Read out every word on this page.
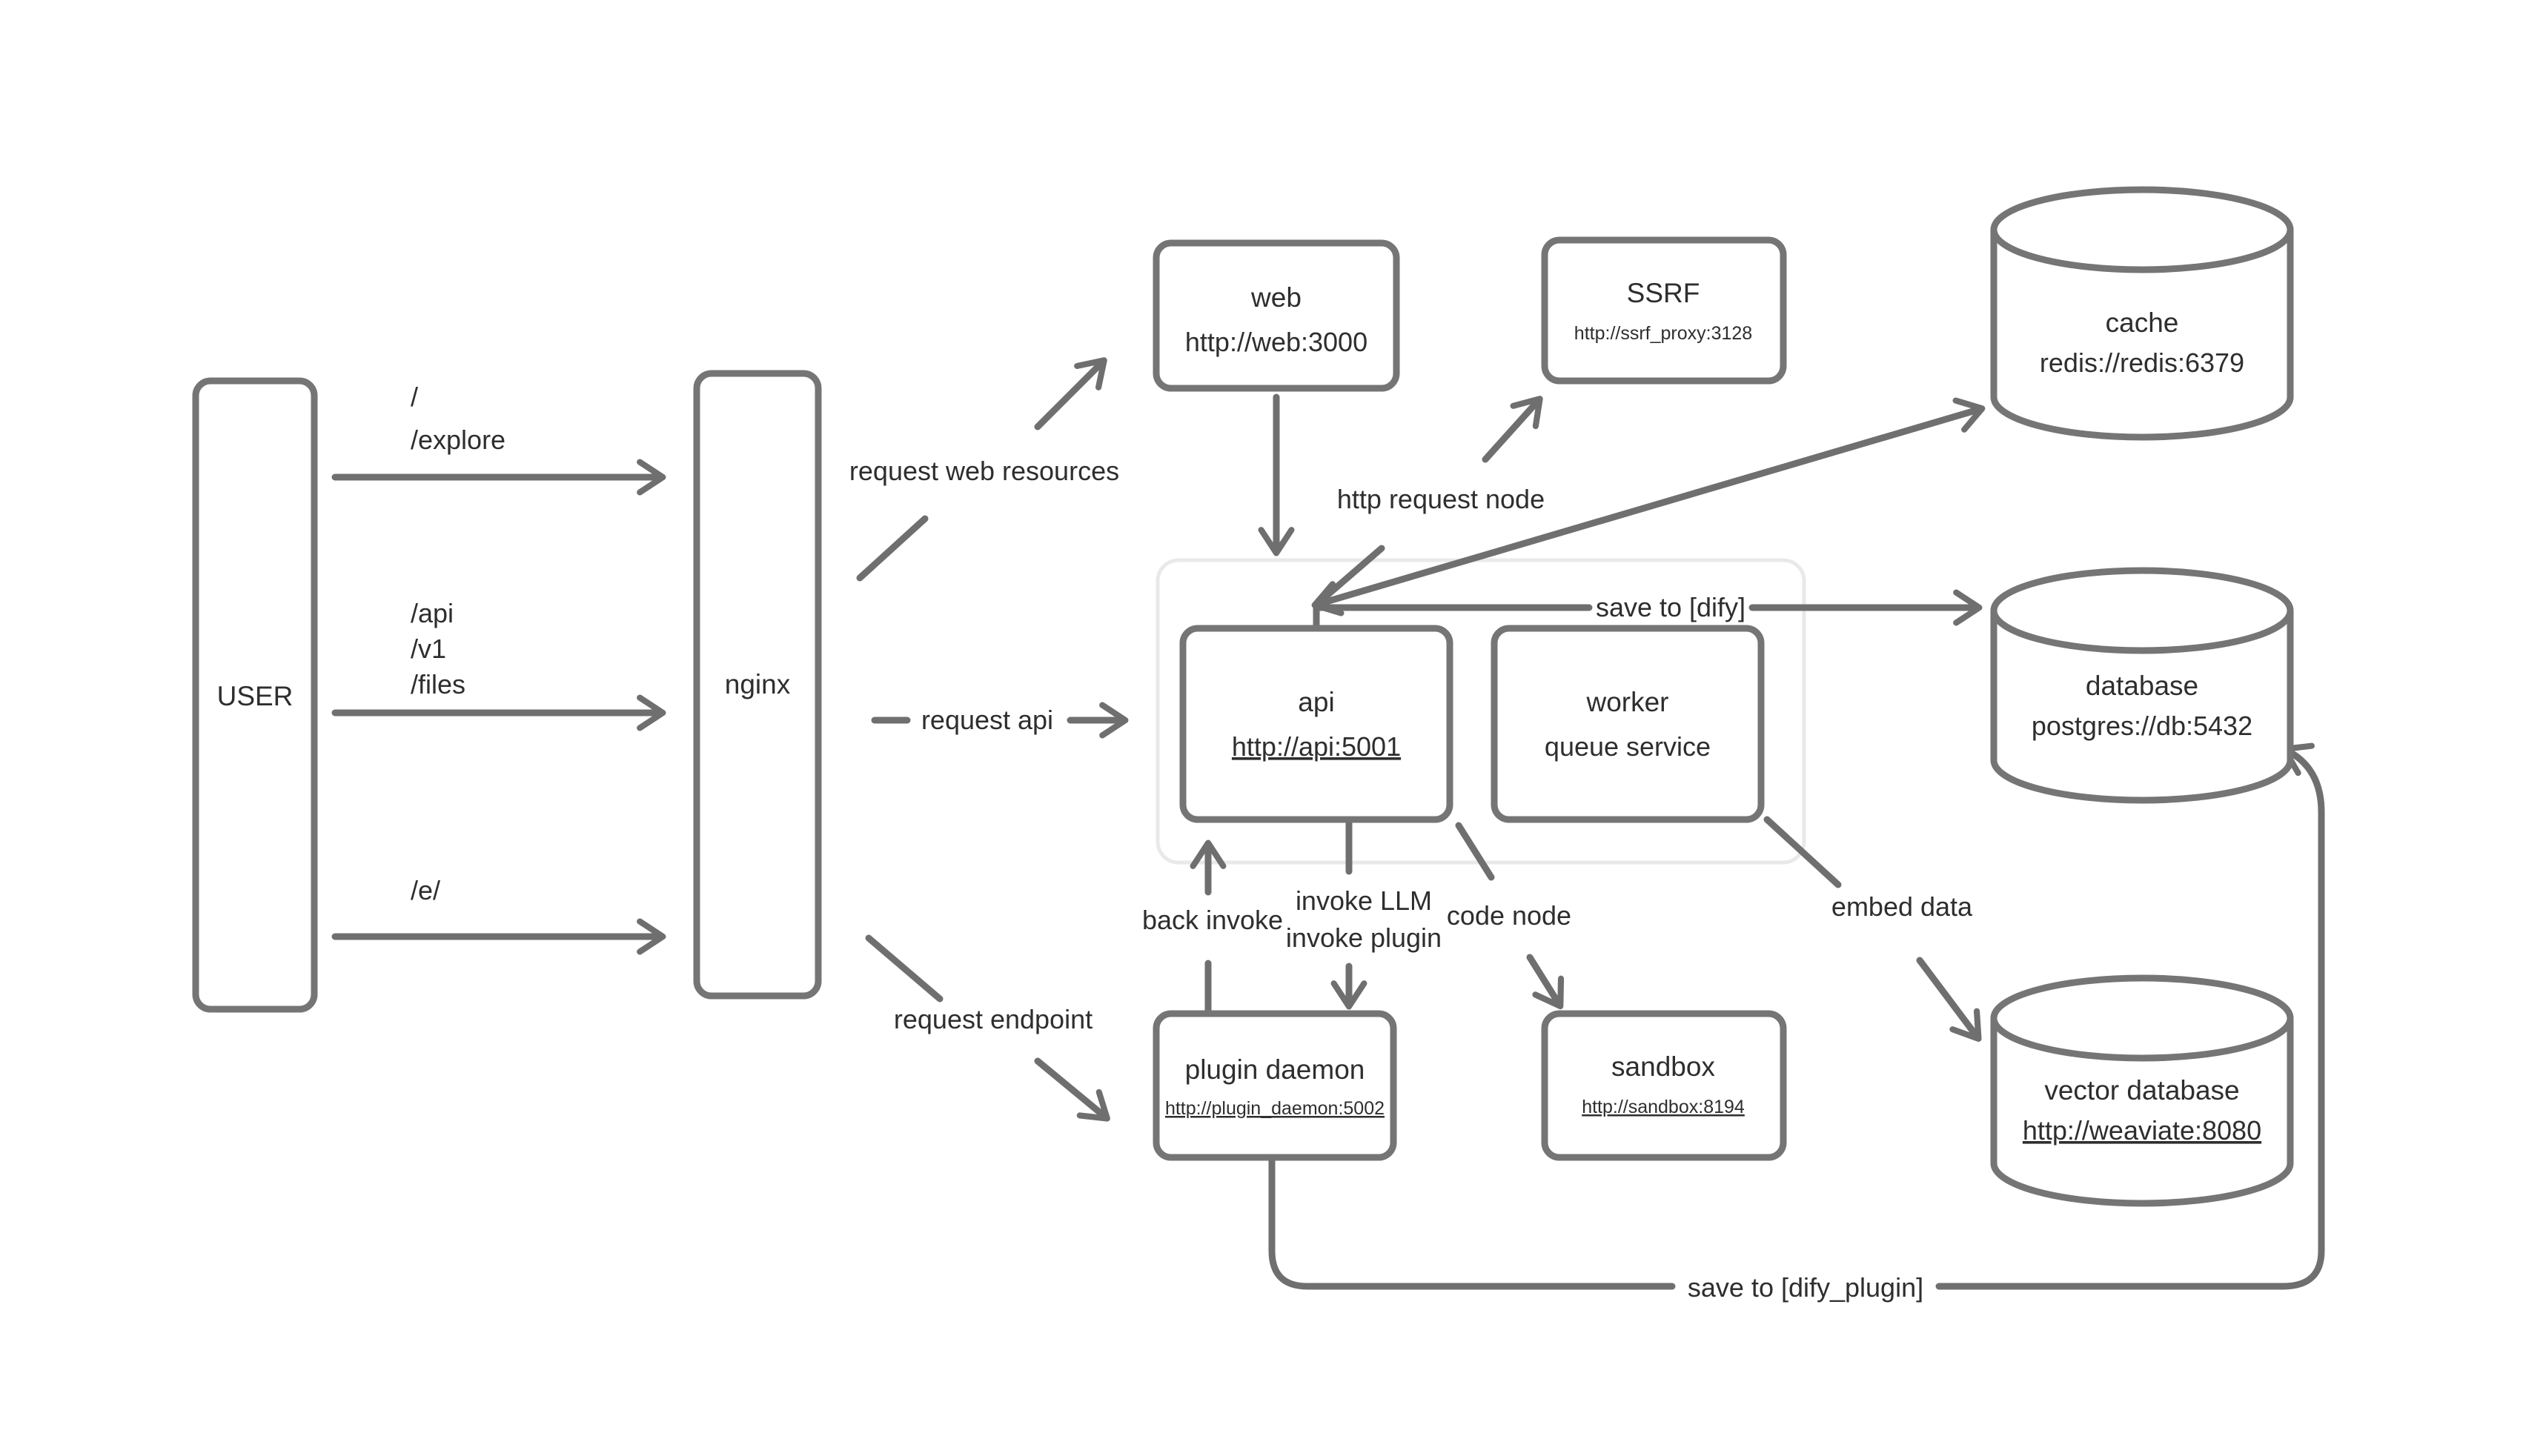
USER	nginx
web
http://web:3000
SSRF
http://ssrf_proxy:3128	cache
redis://redis:6379
api
http://api:5001
worker
queue service
database
postgres://db:5432
plugin daemon
http://plugin_daemon:5002
sandbox
http://sandbox:8194
vector database
http://weaviate:8080
/
/explore
/api
/v1
/files
/e/
request web resources
request api
request endpoint
http request node
save to [dify]
back invoke
invoke LLM
invoke plugin
code node	embed data
save to [dify_plugin]
